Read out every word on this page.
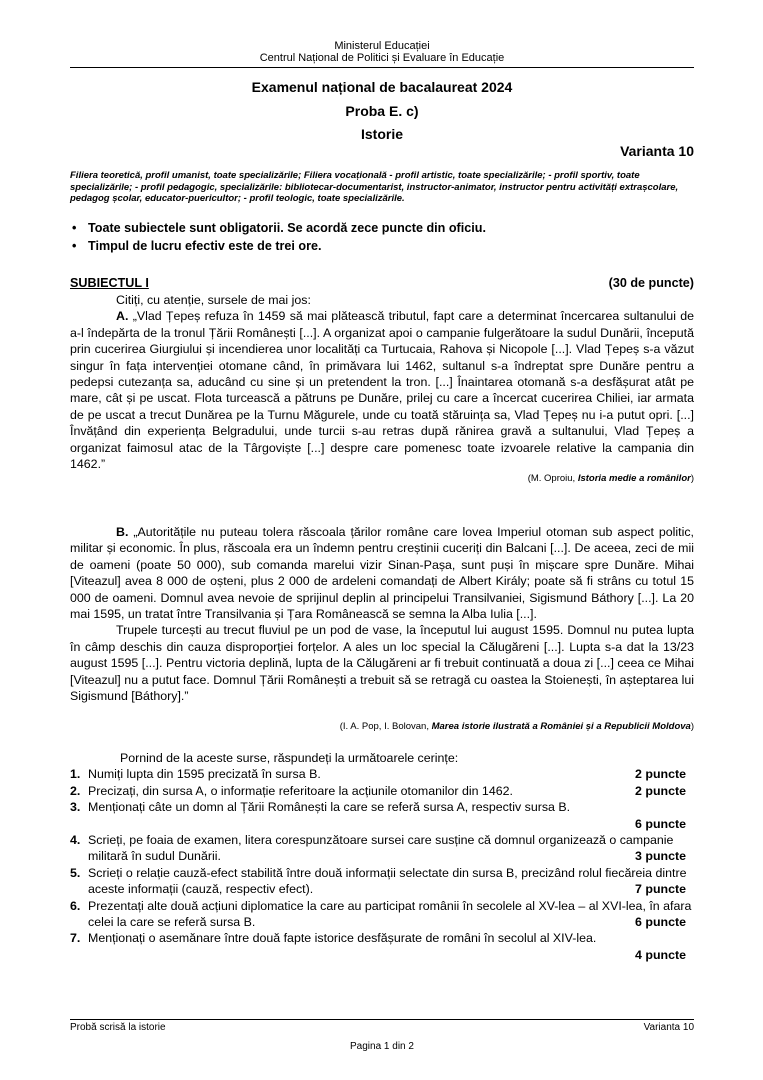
Ministerul Educației
Centrul Național de Politici și Evaluare în Educație
Examenul național de bacalaureat 2024
Proba E. c)
Istorie
Varianta 10
Filiera teoretică, profil umanist, toate specializările; Filiera vocațională - profil artistic, toate specializările; - profil sportiv, toate specializările; - profil pedagogic, specializările: bibliotecar-documentarist, instructor-animator, instructor pentru activități extrașcolare, pedagog școlar, educator-puericultor; - profil teologic, toate specializările.
• Toate subiectele sunt obligatorii. Se acordă zece puncte din oficiu.
• Timpul de lucru efectiv este de trei ore.
SUBIECTUL I	(30 de puncte)
Citiți, cu atenție, sursele de mai jos:
A. „Vlad Țepeș refuza în 1459 să mai plătească tributul, fapt care a determinat încercarea sultanului de a-l îndepărta de la tronul Țării Românești [...]. A organizat apoi o campanie fulgerătoare la sudul Dunării, începută prin cucerirea Giurgiului și incendierea unor localități ca Turtucaia, Rahova și Nicopole [...]. Vlad Țepeș s-a văzut singur în fața intervenției otomane când, în primăvara lui 1462, sultanul s-a îndreptat spre Dunăre pentru a pedepsi cutezanța sa, aducând cu sine și un pretendent la tron. [...] Înaintarea otomană s-a desfășurat atât pe mare, cât și pe uscat. Flota turcească a pătruns pe Dunăre, prilej cu care a încercat cucerirea Chiliei, iar armata de pe uscat a trecut Dunărea pe la Turnu Măgurele, unde cu toată stăruința sa, Vlad Țepeș nu i-a putut opri. [...] Învățând din experiența Belgradului, unde turcii s-au retras după rănirea gravă a sultanului, Vlad Țepeș a organizat faimosul atac de la Târgoviște [...] despre care pomenesc toate izvoarele relative la campania din 1462.”
(M. Oproiu, Istoria medie a românilor)
B. „Autoritățile nu puteau tolera răscoala țărilor române care lovea Imperiul otoman sub aspect politic, militar și economic. În plus, răscoala era un îndemn pentru creștinii cuceriți din Balcani [...]. De aceea, zeci de mii de oameni (poate 50 000), sub comanda marelui vizir Sinan-Pașa, sunt puși în mișcare spre Dunăre. Mihai [Viteazul] avea 8 000 de oșteni, plus 2 000 de ardeleni comandați de Albert Király; poate să fi strâns cu totul 15 000 de oameni. Domnul avea nevoie de sprijinul deplin al principelui Transilvaniei, Sigismund Báthory [...]. La 20 mai 1595, un tratat între Transilvania și Țara Românească se semna la Alba Iulia [...].
Trupele turcești au trecut fluviul pe un pod de vase, la începutul lui august 1595. Domnul nu putea lupta în câmp deschis din cauza disproporției forțelor. A ales un loc special la Călugăreni [...]. Lupta s-a dat la 13/23 august 1595 [...]. Pentru victoria deplină, lupta de la Călugăreni ar fi trebuit continuată a doua zi [...] ceea ce Mihai [Viteazul] nu a putut face. Domnul Țării Românești a trebuit să se retragă cu oastea la Stoienești, în așteptarea lui Sigismund [Báthory].”
(I. A. Pop, I. Bolovan, Marea istorie ilustrată a României și a Republicii Moldova)
Pornind de la aceste surse, răspundeți la următoarele cerințe:
1. Numiți lupta din 1595 precizată în sursa B.	2 puncte
2. Precizați, din sursa A, o informație referitoare la acțiunile otomanilor din 1462.	2 puncte
3. Menționați câte un domn al Țării Românești la care se referă sursa A, respectiv sursa B.
6 puncte
4. Scrieți, pe foaia de examen, litera corespunzătoare sursei care susține că domnul organizează o campanie militară în sudul Dunării.	3 puncte
5. Scrieți o relație cauză-efect stabilită între două informații selectate din sursa B, precizând rolul fiecăreia dintre aceste informații (cauză, respectiv efect).	7 puncte
6. Prezentați alte două acțiuni diplomatice la care au participat românii în secolele al XV-lea – al XVI-lea, în afara celei la care se referă sursa B.	6 puncte
7. Menționați o asemănare între două fapte istorice desfășurate de români în secolul al XIV-lea.
4 puncte
Probă scrisă la istorie	Varianta 10
Pagina 1 din 2
